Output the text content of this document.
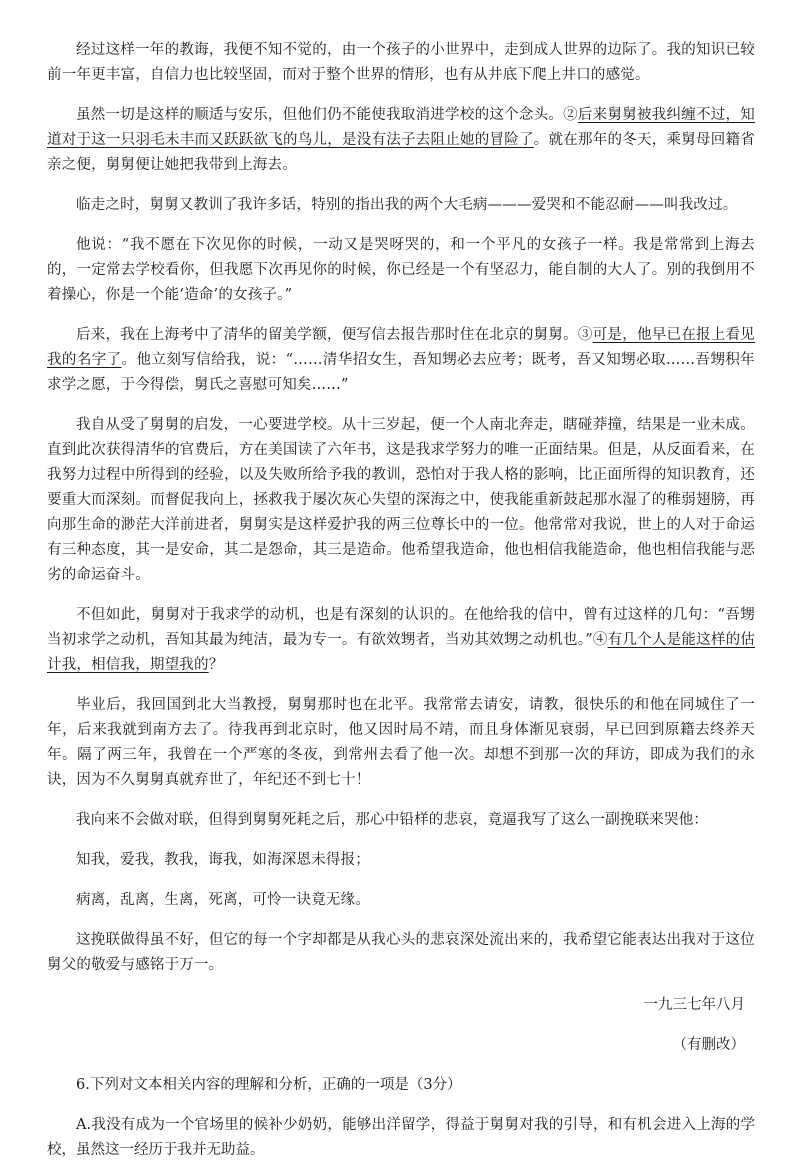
经过这样一年的教诲，我便不知不觉的，由一个孩子的小世界中，走到成人世界的边际了。我的知识已较前一年更丰富，自信力也比较坚固，而对于整个世界的情形，也有从井底下爬上井口的感觉。

虽然一切是这样的顺适与安乐，但他们仍不能使我取消进学校的这个念头。②后来舅舅被我纠缠不过，知道对于这一只羽毛未丰而又跃跃欲飞的鸟儿，是没有法子去阻止她的冒险了。就在那年的冬天，乘舅母回籍省亲之便，舅舅便让她把我带到上海去。

临走之时，舅舅又教训了我许多话，特别的指出我的两个大毛病———爱哭和不能忍耐——叫我改过。

他说：“我不愿在下次见你的时候，一动又是哭呀哭的，和一个平凡的女孩子一样。我是常常到上海去的，一定常去学校看你，但我愿下次再见你的时候，你已经是一个有坚忍力，能自制的大人了。别的我倒用不着操心，你是一个能‘造命’的女孩子。”

后来，我在上海考中了清华的留美学额，便写信去报告那时住在北京的舅舅。③可是，他早已在报上看见我的名字了。他立刻写信给我，说：“……清华招女生，吾知甥必去应考；既考，吾又知甥必取……吾甥积年求学之愿，于今得偿，舅氏之喜慰可知矣……”

我自从受了舅舅的启发，一心要进学校。从十三岁起，便一个人南北奔走，瞎碰莽撞，结果是一业未成。直到此次获得清华的官费后，方在美国读了六年书，这是我求学努力的唯一正面结果。但是，从反面看来，在我努力过程中所得到的经验，以及失败所给予我的教训，恐怕对于我人格的影响，比正面所得的知识教育，还要重大而深刻。而督促我向上，拯救我于屡次灰心失望的深海之中，使我能重新鼓起那水湿了的稚弱翅膀，再向那生命的渺茫大洋前进者，舅舅实是这样爱护我的两三位尊长中的一位。他常常对我说，世上的人对于命运有三种态度，其一是安命，其二是怨命，其三是造命。他希望我造命，他也相信我能造命，他也相信我能与恶劣的命运奋斗。

不但如此，舅舅对于我求学的动机，也是有深刻的认识的。在他给我的信中，曾有过这样的几句：“吾甥当初求学之动机，吾知其最为纯洁，最为专一。有欲效甥者，当劝其效甥之动机也。”④有几个人是能这样的估计我，相信我，期望我的？

毕业后，我回国到北大当教授，舅舅那时也在北平。我常常去请安，请教，很快乐的和他在同城住了一年，后来我就到南方去了。待我再到北京时，他又因时局不靖，而且身体渐见衰弱，早已回到原籍去终养天年。隔了两三年，我曾在一个严寒的冬夜，到常州去看了他一次。却想不到那一次的拜访，即成为我们的永诀，因为不久舅舅真就弃世了，年纪还不到七十！

我向来不会做对联，但得到舅舅死耗之后，那心中铅样的悲哀，竟逼我写了这么一副挽联来哭他：

知我，爱我，教我，诲我，如海深恩未得报；

病离，乱离，生离，死离，可怜一诀竟无缘。

这挽联做得虽不好，但它的每一个字却都是从我心头的悲哀深处流出来的，我希望它能表达出我对于这位舅父的敬爱与感铭于万一。

一九三七年八月

（有删改）

6.下列对文本相关内容的理解和分析，正确的一项是（3分）

A.我没有成为一个官场里的候补少奶奶，能够出洋留学，得益于舅舅对我的引导，和有机会进入上海的学校，虽然这一经历于我并无助益。
